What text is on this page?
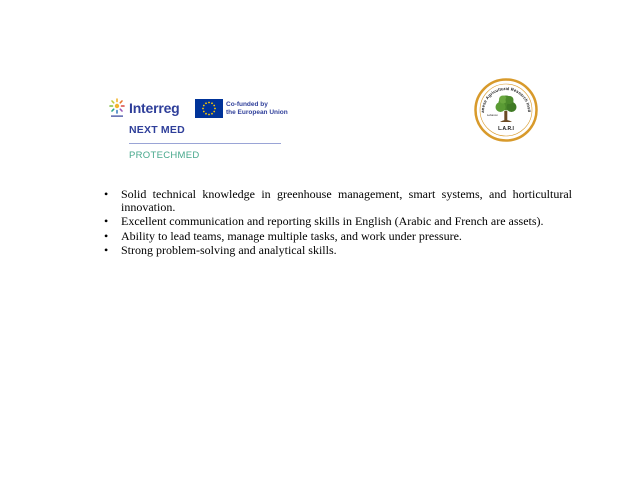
Interreg	Co-funded by
the European Union
NEXT MED
PROTECHMED
anese Agricultural Research Insti
Lebanon
L.A.R.I
•	Solid technical knowledge in greenhouse management, smart systems, and horticultural innovation.
•	Excellent communication and reporting skills in English (Arabic and French are assets).
•	Ability to lead teams, manage multiple tasks, and work under pressure.
•	Strong problem-solving and analytical skills.
